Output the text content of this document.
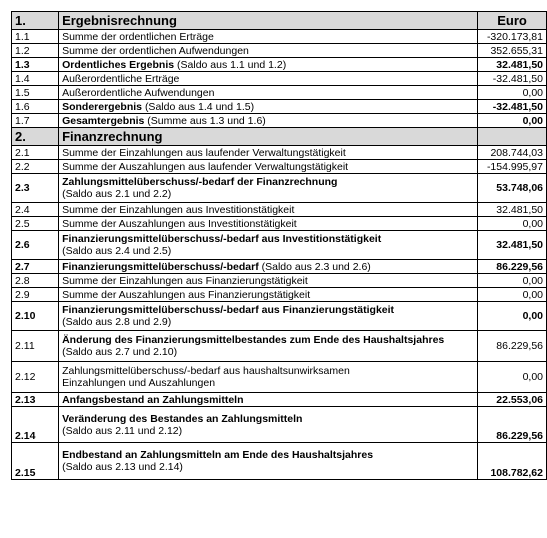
1.	Ergebnisrechnung	Euro
1.1	Summe der ordentlichen Erträge	-320.173,81
1.2	Summe der ordentlichen Aufwendungen	352.655,31
1.3	Ordentliches Ergebnis (Saldo aus 1.1 und 1.2)	32.481,50
1.4	Außerordentliche Erträge	-32.481,50
1.5	Außerordentliche Aufwendungen	0,00
1.6	Sonderergebnis (Saldo aus 1.4 und 1.5)	-32.481,50
1.7	Gesamtergebnis (Summe aus 1.3 und 1.6)	0,00
2.	Finanzrechnung	
2.1	Summe der Einzahlungen aus laufender Verwaltungstätigkeit	208.744,03
2.2	Summe der Auszahlungen aus laufender Verwaltungstätigkeit	-154.995,97
2.3	Zahlungsmittelüberschuss/-bedarf der Finanzrechnung
(Saldo aus 2.1 und 2.2)	53.748,06
2.4	Summe der Einzahlungen aus Investitionstätigkeit	32.481,50
2.5	Summe der Auszahlungen aus Investitionstätigkeit	0,00
2.6	Finanzierungsmittelüberschuss/-bedarf aus Investitionstätigkeit
(Saldo aus 2.4 und 2.5)	32.481,50
2.7	Finanzierungsmittelüberschuss/-bedarf (Saldo aus 2.3 und 2.6)	86.229,56
2.8	Summe der Einzahlungen aus Finanzierungstätigkeit	0,00
2.9	Summe der Auszahlungen aus Finanzierungstätigkeit	0,00
2.10	Finanzierungsmittelüberschuss/-bedarf aus Finanzierungstätigkeit
(Saldo aus 2.8 und 2.9)	0,00
2.11	Änderung des Finanzierungsmittelbestandes zum Ende des Haushaltsjahres
(Saldo aus 2.7 und 2.10)	86.229,56
2.12	Zahlungsmittelüberschuss/-bedarf aus haushaltsunwirksamen
Einzahlungen und Auszahlungen	0,00
2.13	Anfangsbestand an Zahlungsmitteln	22.553,06
2.14	Veränderung des Bestandes an Zahlungsmitteln
(Saldo aus 2.11 und 2.12)	86.229,56
2.15	Endbestand an Zahlungsmitteln am Ende des Haushaltsjahres
(Saldo aus 2.13 und 2.14)	108.782,62
